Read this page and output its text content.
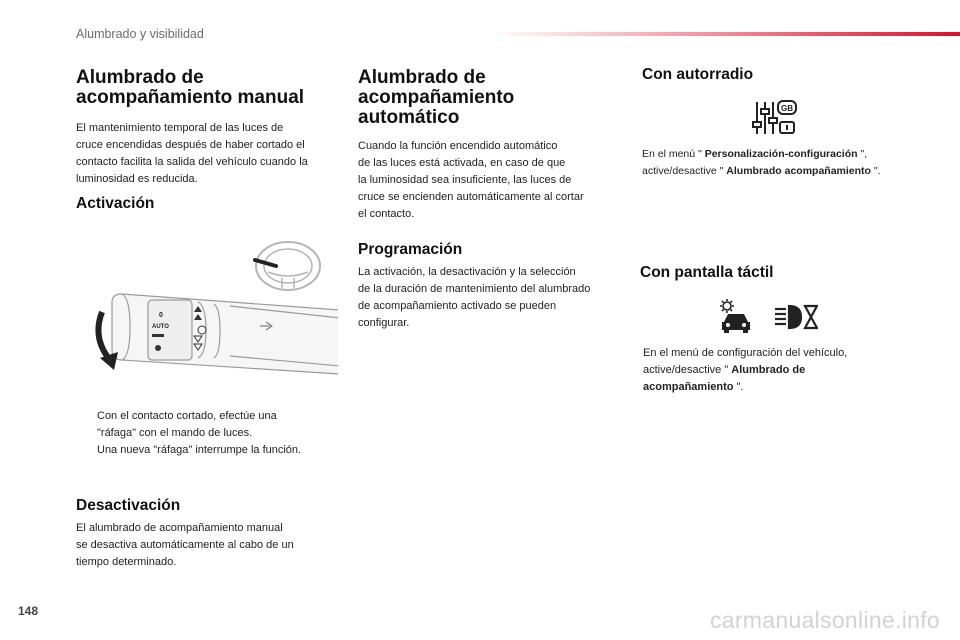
Alumbrado y visibilidad
Alumbrado de
acompañamiento manual

El mantenimiento temporal de las luces de
cruce encendidas después de haber cortado el
contacto facilita la salida del vehículo cuando la
luminosidad es reducida.

Activación
0
AUTO
Con el contacto cortado, efectúe una
"ráfaga" con el mando de luces.
Una nueva "ráfaga" interrumpe la función.
Desactivación

El alumbrado de acompañamiento manual
se desactiva automáticamente al cabo de un
tiempo determinado.

Alumbrado de
acompañamiento
automático

Cuando la función encendido automático
de las luces está activada, en caso de que
la luminosidad sea insuficiente, las luces de
cruce se encienden automáticamente al cortar
el contacto.

Programación

La activación, la desactivación y la selección
de la duración de mantenimiento del alumbrado
de acompañamiento activado se pueden
configurar.

Con autorradio
GB

En el menú " Personalización-configuración ",
active/desactive " Alumbrado acompañamiento ".

Con pantalla táctil

En el menú de configuración del vehículo,
active/desactive " Alumbrado de
acompañamiento ".

148	carmanualsonline.info
